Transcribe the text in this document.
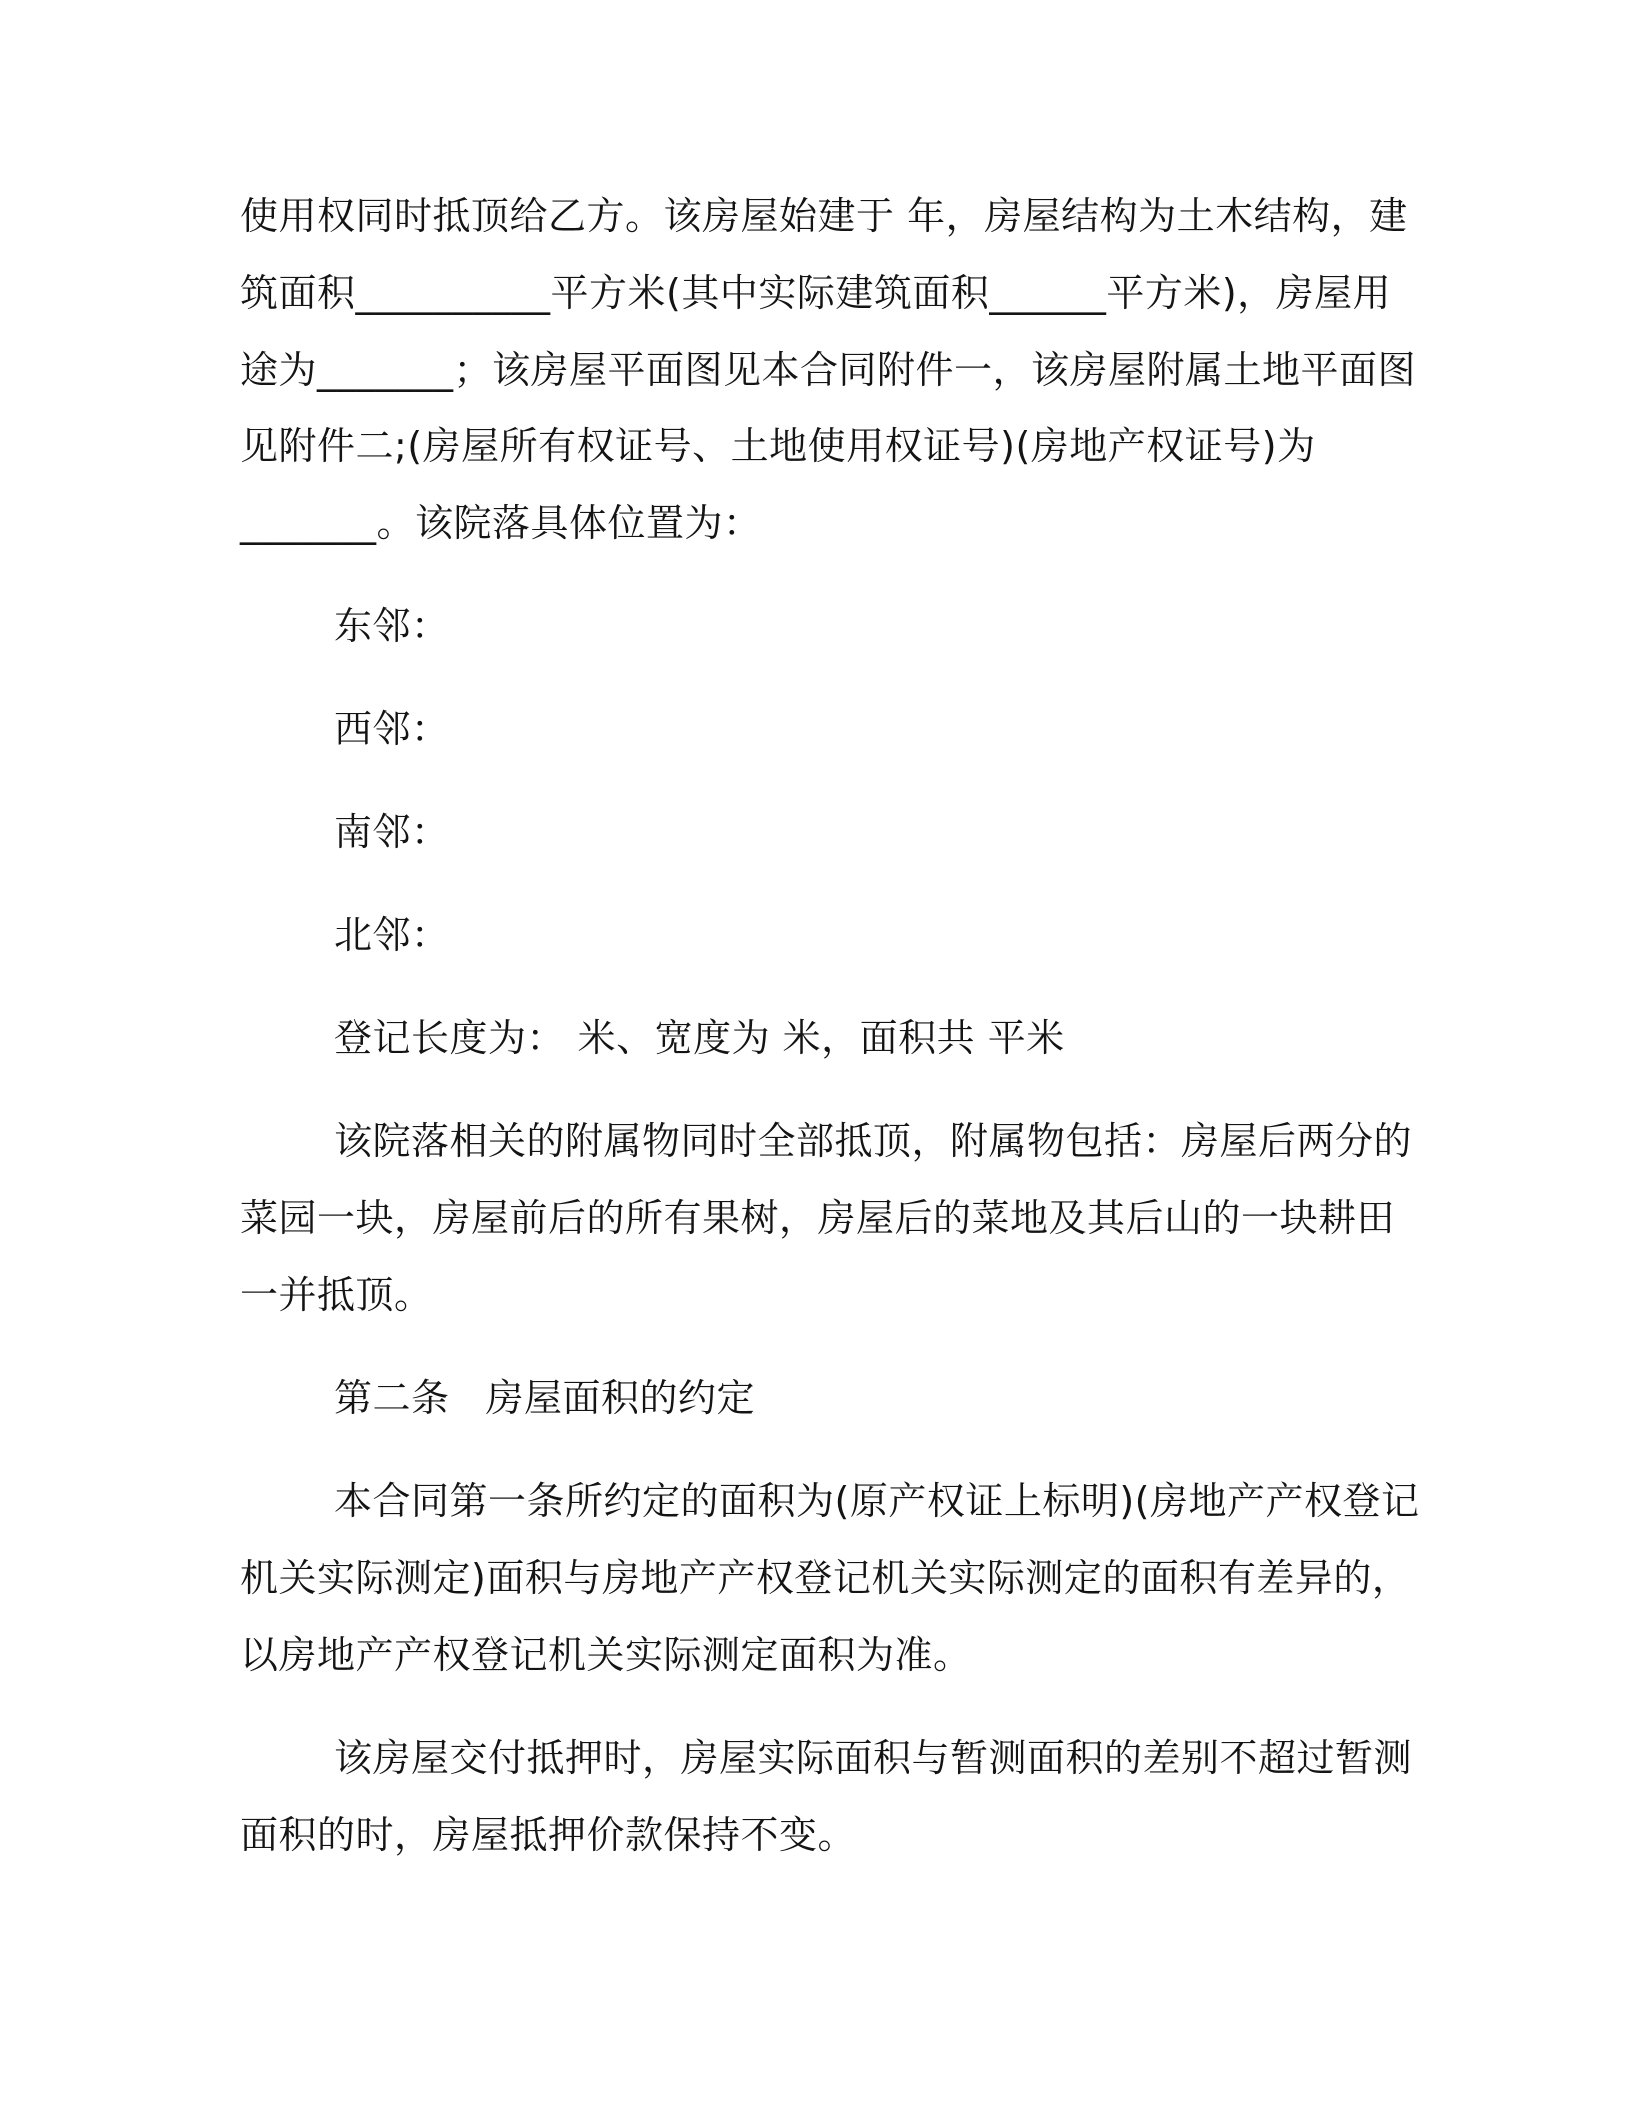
使用权同时抵顶给乙方。该房屋始建于 年，房屋结构为土木结构，建

筑面积__________平方米(其中实际建筑面积______平方米)，房屋用

途为_______；该房屋平面图见本合同附件一，该房屋附属土地平面图

见附件二;(房屋所有权证号、土地使用权证号)(房地产权证号)为

_______。该院落具体位置为：

东邻：

西邻：

南邻：

北邻：

登记长度为： 米、宽度为 米，面积共 平米

该院落相关的附属物同时全部抵顶，附属物包括：房屋后两分的

菜园一块，房屋前后的所有果树，房屋后的菜地及其后山的一块耕田

一并抵顶。

第二条 房屋面积的约定

本合同第一条所约定的面积为(原产权证上标明)(房地产产权登记

机关实际测定)面积与房地产产权登记机关实际测定的面积有差异的，

以房地产产权登记机关实际测定面积为准。

该房屋交付抵押时，房屋实际面积与暂测面积的差别不超过暂测

面积的时，房屋抵押价款保持不变。
